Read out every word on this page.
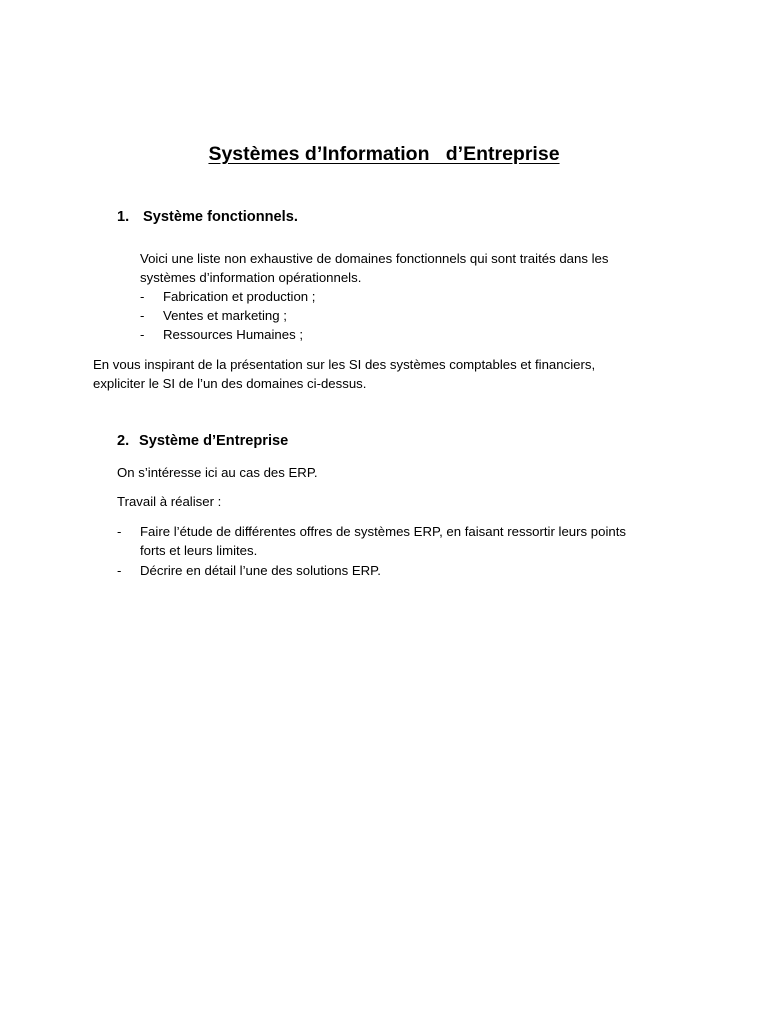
Systèmes d’Information   d’Entreprise
1. Système fonctionnels.
Voici une liste non exhaustive de domaines fonctionnels qui sont traités dans les
systèmes d’information opérationnels.
- Fabrication et production ;
- Ventes et marketing ;
- Ressources Humaines ;
En vous inspirant de la présentation sur les SI des systèmes comptables et financiers,
expliciter le SI de l’un des domaines ci-dessus.
2. Système d’Entreprise
On s’intéresse ici au cas des ERP.
Travail à réaliser :
- Faire l’étude de différentes offres de systèmes ERP, en faisant ressortir leurs points
forts et leurs limites.
- Décrire en détail l’une des solutions ERP.
